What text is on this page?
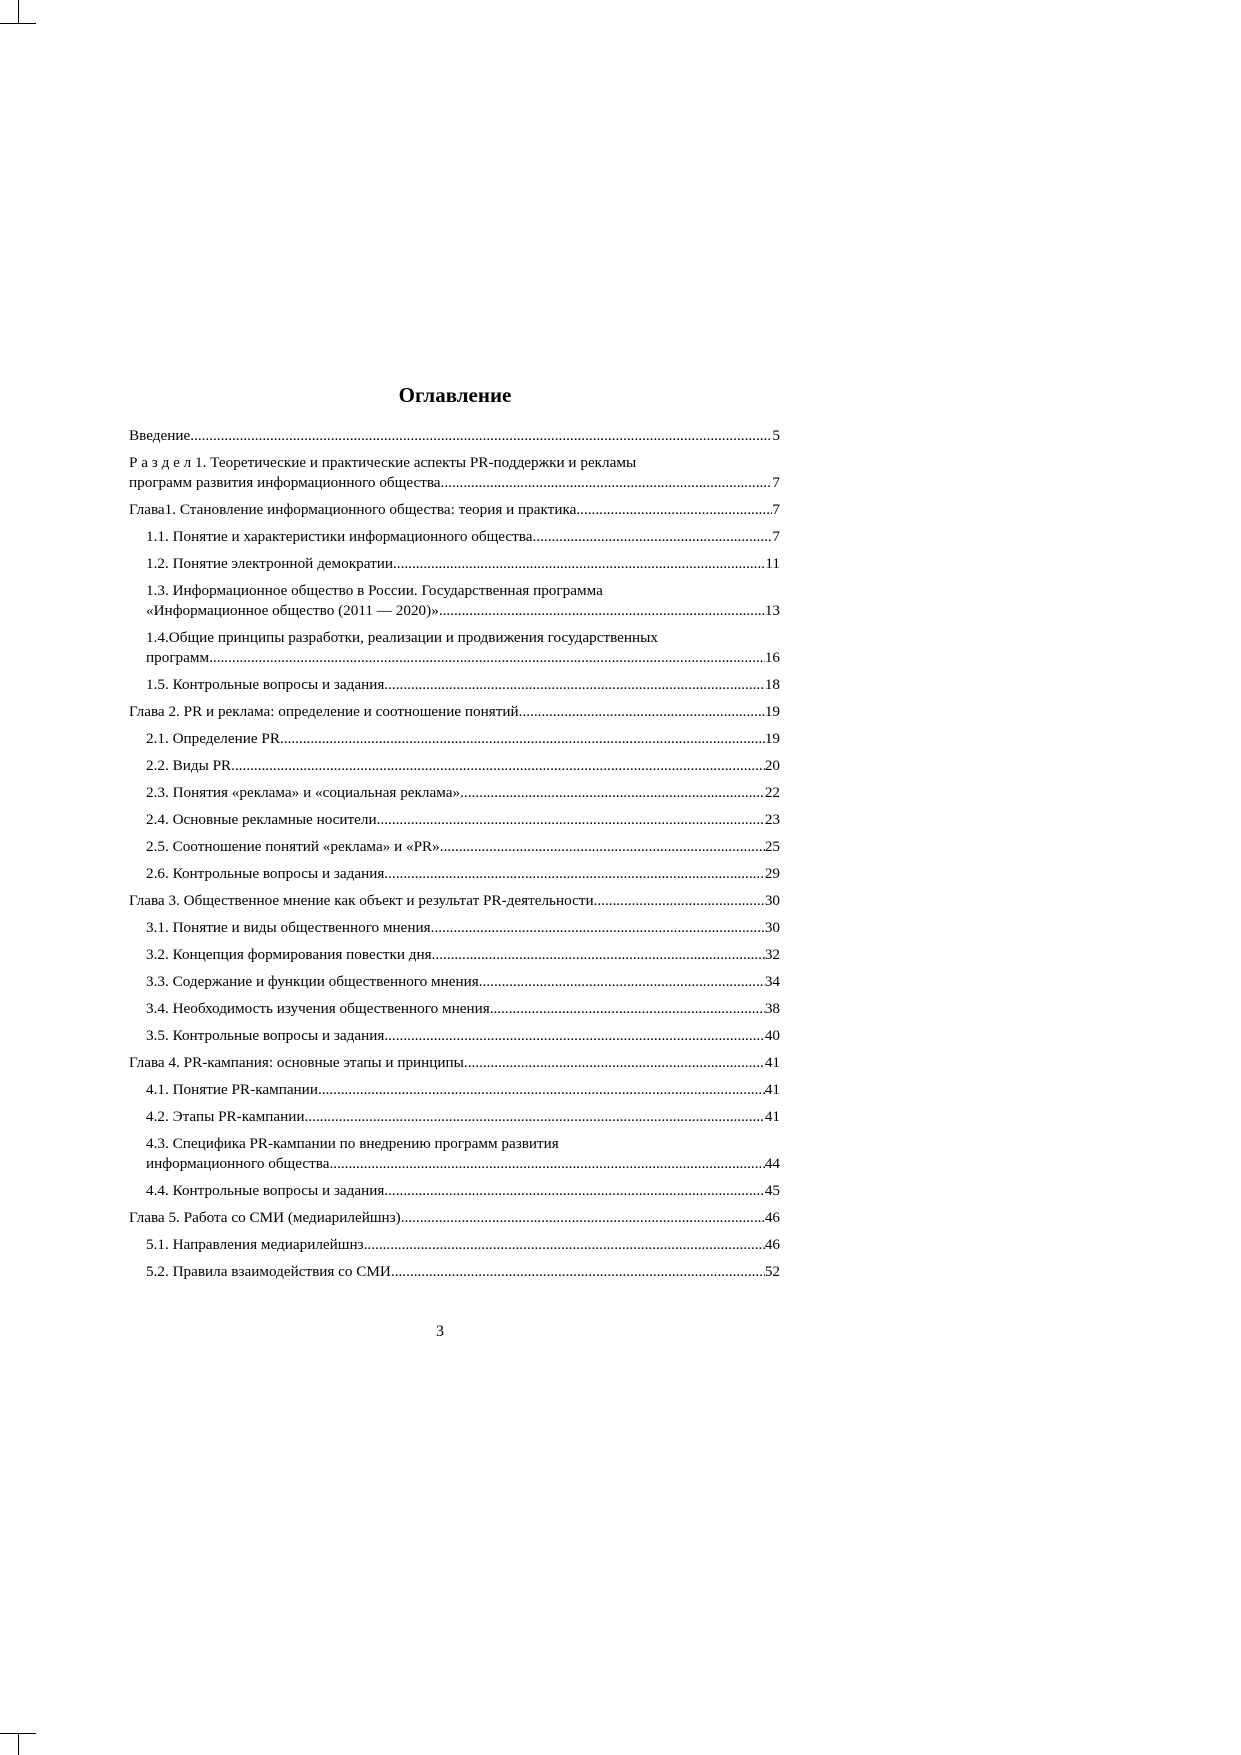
Оглавление
Введение .....	5
Р а з д е л 1. Теоретические и практические аспекты PR-поддержки и рекламы
программ развития информационного общества .....	7
Глава1. Становление информационного общества: теория и практика .....	7
1.1. Понятие и характеристики информационного общества .....	7
1.2. Понятие электронной демократии .....	11
1.3. Информационное общество в России. Государственная программа
«Информационное общество (2011 — 2020)» .....	13
1.4.Общие принципы разработки, реализации и продвижения государственных
программ .....	16
1.5. Контрольные вопросы и задания. .....	18
Глава 2. PR и реклама: определение и соотношение понятий .....	19
2.1. Определение PR .....	19
2.2. Виды PR .....	20
2.3. Понятия «реклама» и «социальная реклама» .....	22
2.4. Основные рекламные носители .....	23
2.5. Соотношение понятий «реклама» и «PR» .....	25
2.6. Контрольные вопросы и задания. .....	29
Глава 3. Общественное мнение как объект и результат PR-деятельности .....	30
3.1. Понятие и виды общественного мнения .....	30
3.2. Концепция формирования повестки дня .....	32
3.3. Содержание и функции общественного мнения .....	34
3.4. Необходимость изучения общественного мнения .....	38
3.5. Контрольные вопросы и задания .....	40
Глава 4. PR-кампания: основные этапы и принципы .....	41
4.1. Понятие PR-кампании .....	41
4.2. Этапы PR-кампании .....	41
4.3. Специфика PR-кампании по внедрению программ развития
информационного общества .....	44
4.4. Контрольные вопросы и задания .....	45
Глава 5. Работа со СМИ (медиарилейшнз) .....	46
5.1. Направления медиарилейшнз .....	46
5.2. Правила взаимодействия со СМИ .....	52
3
